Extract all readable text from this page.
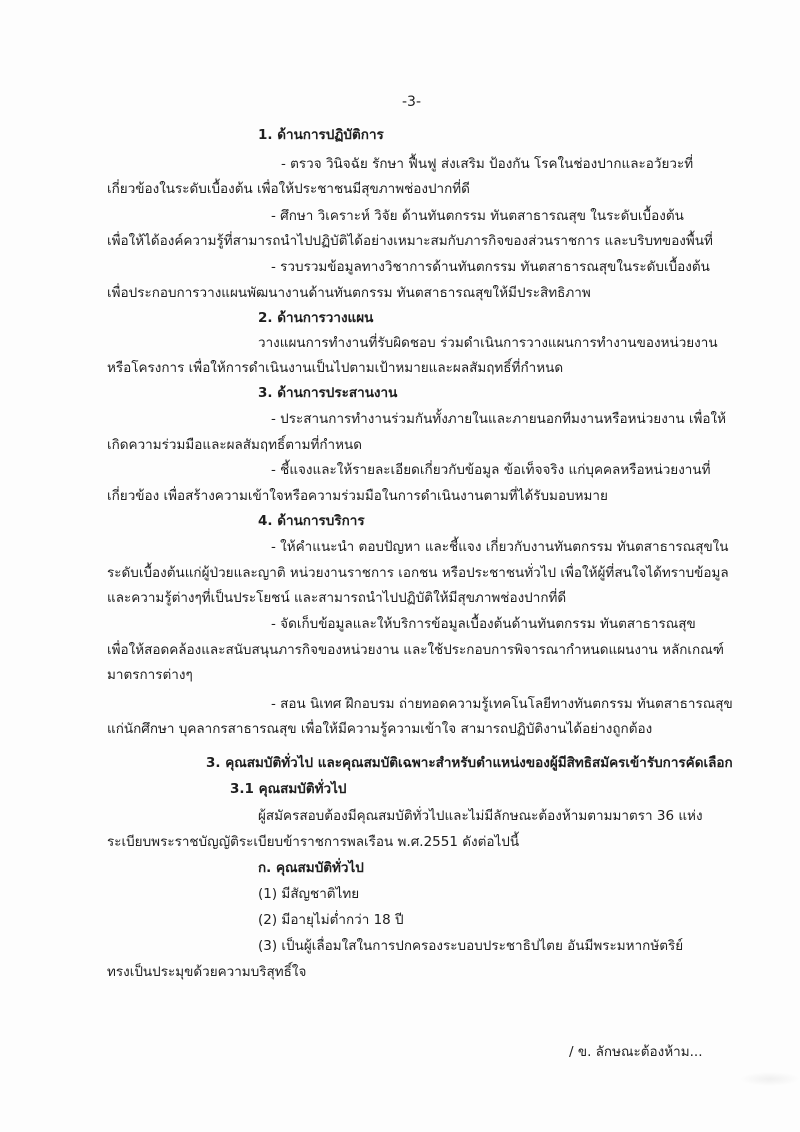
-3-
1. ด้านการปฏิบัติการ
- ตรวจ วินิจฉัย รักษา ฟื้นฟู ส่งเสริม ป้องกัน โรคในช่องปากและอวัยวะที่
เกี่ยวข้องในระดับเบื้องต้น เพื่อให้ประชาชนมีสุขภาพช่องปากที่ดี
- ศึกษา วิเคราะห์ วิจัย ด้านทันตกรรม ทันตสาธารณสุข ในระดับเบื้องต้น
เพื่อให้ได้องค์ความรู้ที่สามารถนำไปปฏิบัติได้อย่างเหมาะสมกับภารกิจของส่วนราชการ และบริบทของพื้นที่
- รวบรวมข้อมูลทางวิชาการด้านทันตกรรม ทันตสาธารณสุขในระดับเบื้องต้น
เพื่อประกอบการวางแผนพัฒนางานด้านทันตกรรม ทันตสาธารณสุขให้มีประสิทธิภาพ
2. ด้านการวางแผน
วางแผนการทำงานที่รับผิดชอบ ร่วมดำเนินการวางแผนการทำงานของหน่วยงาน
หรือโครงการ เพื่อให้การดำเนินงานเป็นไปตามเป้าหมายและผลสัมฤทธิ์ที่กำหนด
3. ด้านการประสานงาน
- ประสานการทำงานร่วมกันทั้งภายในและภายนอกทีมงานหรือหน่วยงาน เพื่อให้
เกิดความร่วมมือและผลสัมฤทธิ์ตามที่กำหนด
- ชี้แจงและให้รายละเอียดเกี่ยวกับข้อมูล ข้อเท็จจริง แก่บุคคลหรือหน่วยงานที่
เกี่ยวข้อง เพื่อสร้างความเข้าใจหรือความร่วมมือในการดำเนินงานตามที่ได้รับมอบหมาย
4. ด้านการบริการ
- ให้คำแนะนำ ตอบปัญหา และชี้แจง เกี่ยวกับงานทันตกรรม ทันตสาธารณสุขใน
ระดับเบื้องต้นแก่ผู้ป่วยและญาติ หน่วยงานราชการ เอกชน หรือประชาชนทั่วไป เพื่อให้ผู้ที่สนใจได้ทราบข้อมูล
และความรู้ต่างๆที่เป็นประโยชน์ และสามารถนำไปปฏิบัติให้มีสุขภาพช่องปากที่ดี
- จัดเก็บข้อมูลและให้บริการข้อมูลเบื้องต้นด้านทันตกรรม ทันตสาธารณสุข
เพื่อให้สอดคล้องและสนับสนุนภารกิจของหน่วยงาน และใช้ประกอบการพิจารณากำหนดแผนงาน หลักเกณฑ์
มาตรการต่างๆ
- สอน นิเทศ ฝึกอบรม ถ่ายทอดความรู้เทคโนโลยีทางทันตกรรม ทันตสาธารณสุข
แก่นักศึกษา บุคลากรสาธารณสุข เพื่อให้มีความรู้ความเข้าใจ สามารถปฏิบัติงานได้อย่างถูกต้อง
3. คุณสมบัติทั่วไป และคุณสมบัติเฉพาะสำหรับตำแหน่งของผู้มีสิทธิสมัครเข้ารับการคัดเลือก
3.1 คุณสมบัติทั่วไป
ผู้สมัครสอบต้องมีคุณสมบัติทั่วไปและไม่มีลักษณะต้องห้ามตามมาตรา 36 แห่ง
ระเบียบพระราชบัญญัติระเบียบข้าราชการพลเรือน พ.ศ.2551 ดังต่อไปนี้
ก. คุณสมบัติทั่วไป
(1) มีสัญชาติไทย
(2) มีอายุไม่ต่ำกว่า 18 ปี
(3) เป็นผู้เลื่อมใสในการปกครองระบอบประชาธิปไตย อันมีพระมหากษัตริย์
ทรงเป็นประมุขด้วยความบริสุทธิ์ใจ
/ ข. ลักษณะต้องห้าม...
